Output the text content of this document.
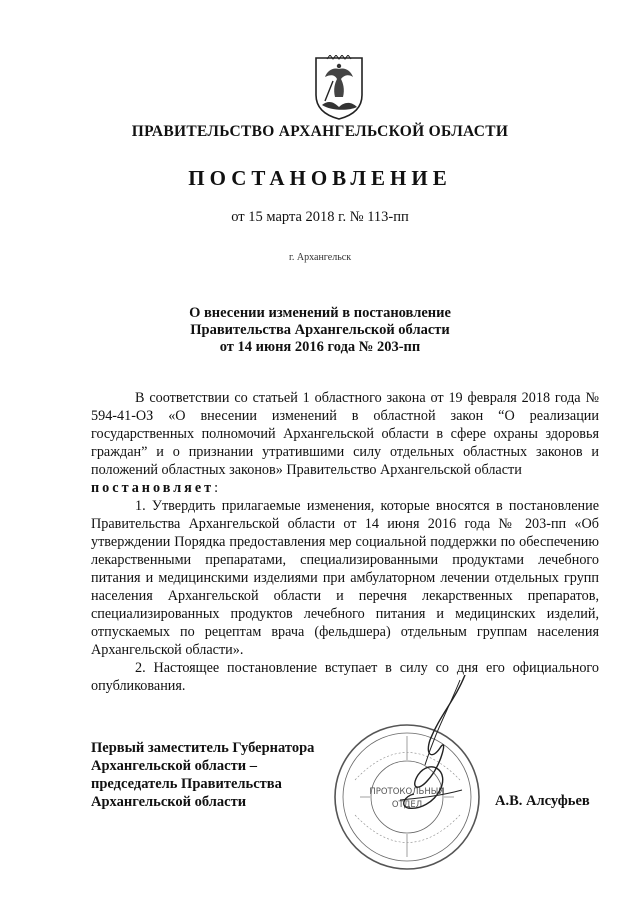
ПРАВИТЕЛЬСТВО АРХАНГЕЛЬСКОЙ ОБЛАСТИ
ПОСТАНОВЛЕНИЕ
от 15 марта 2018 г. № 113-пп
г. Архангельск
О внесении изменений в постановление
Правительства Архангельской области
от 14 июня 2016 года № 203-пп

В соответствии со статьей 1 областного закона от 19 февраля 2018 года № 594-41-ОЗ «О внесении изменений в областной закон “О реализации государственных полномочий Архангельской области в сфере охраны здоровья граждан” и о признании утратившими силу отдельных областных законов и положений областных законов» Правительство Архангельской области

постановляет:

1. Утвердить прилагаемые изменения, которые вносятся в постановление Правительства Архангельской области от 14 июня 2016 года № 203-пп «Об утверждении Порядка предоставления мер социальной поддержки по обеспечению лекарственными препаратами, специализированными продуктами лечебного питания и медицинскими изделиями при амбулаторном лечении отдельных групп населения Архангельской области и перечня лекарственных препаратов, специализированных продуктов лечебного питания и медицинских изделий, отпускаемых по рецептам врача (фельдшера) отдельным группам населения Архангельской области».

2. Настоящее постановление вступает в силу со дня его официального опубликования.

ПРОТОКОЛЬНЫЙ
ОТДЕЛ
Первый заместитель Губернатора
Архангельской области –
председатель Правительства
Архангельской области	А.В. Алсуфьев
